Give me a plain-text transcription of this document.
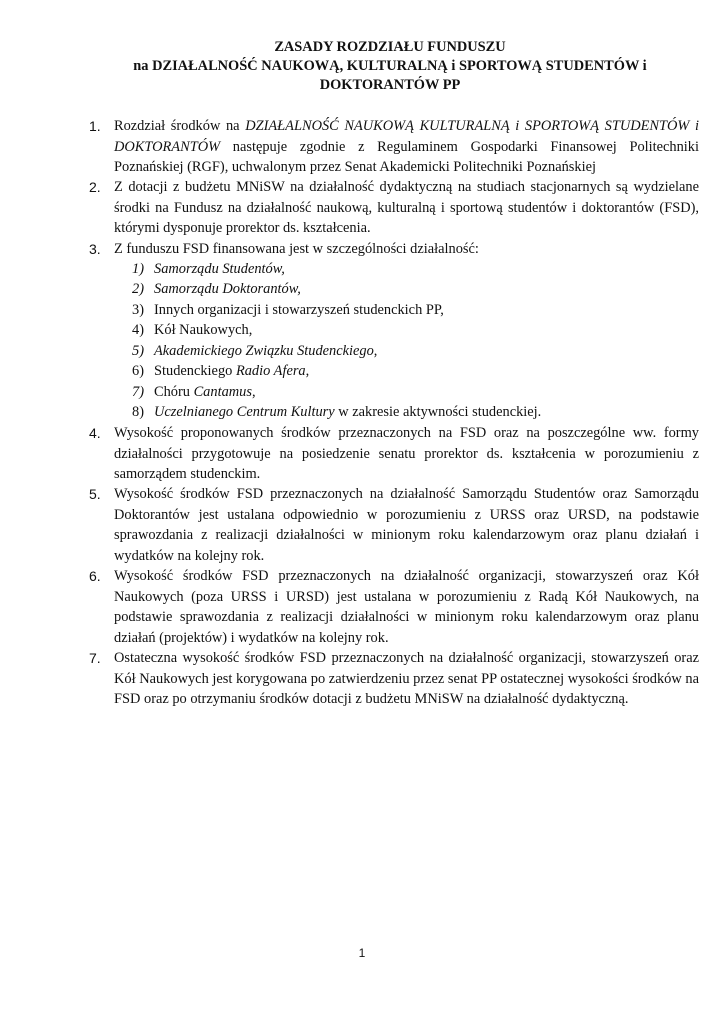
ZASADY ROZDZIAŁU FUNDUSZU
na DZIAŁALNOŚĆ NAUKOWĄ, KULTURALNĄ i SPORTOWĄ STUDENTÓW i
DOKTORANTÓW PP
1. Rozdział środków na DZIAŁALNOŚĆ NAUKOWĄ KULTURALNĄ i SPORTOWĄ STUDENTÓW i DOKTORANTÓW następuje zgodnie z Regulaminem Gospodarki Finansowej Politechniki Poznańskiej (RGF), uchwalonym przez Senat Akademicki Politechniki Poznańskiej
2. Z dotacji z budżetu MNiSW na działalność dydaktyczną na studiach stacjonarnych są wydzielane środki na Fundusz na działalność naukową, kulturalną i sportową studentów i doktorantów (FSD), którymi dysponuje prorektor ds. kształcenia.
3. Z funduszu FSD finansowana jest w szczególności działalność:
1) Samorządu Studentów,
2) Samorządu Doktorantów,
3) Innych organizacji i stowarzyszeń studenckich PP,
4) Kół Naukowych,
5) Akademickiego Związku Studenckiego,
6) Studenckiego Radio Afera,
7) Chóru Cantamus,
8) Uczelnianego Centrum Kultury w zakresie aktywności studenckiej.
4. Wysokość proponowanych środków przeznaczonych na FSD oraz na poszczególne ww. formy działalności przygotowuje na posiedzenie senatu prorektor ds. kształcenia w porozumieniu z samorządem studenckim.
5. Wysokość środków FSD przeznaczonych na działalność Samorządu Studentów oraz Samorządu Doktorantów jest ustalana odpowiednio w porozumieniu z URSS oraz URSD, na podstawie sprawozdania z realizacji działalności w minionym roku kalendarzowym oraz planu działań i wydatków na kolejny rok.
6. Wysokość środków FSD przeznaczonych na działalność organizacji, stowarzyszeń oraz Kół Naukowych (poza URSS i URSD) jest ustalana w porozumieniu z Radą Kół Naukowych, na podstawie sprawozdania z realizacji działalności w minionym roku kalendarzowym oraz planu działań (projektów) i wydatków na kolejny rok.
7. Ostateczna wysokość środków FSD przeznaczonych na działalność organizacji, stowarzyszeń oraz Kół Naukowych jest korygowana po zatwierdzeniu przez senat PP ostatecznej wysokości środków na FSD oraz po otrzymaniu środków dotacji z budżetu MNiSW na działalność dydaktyczną.
1
